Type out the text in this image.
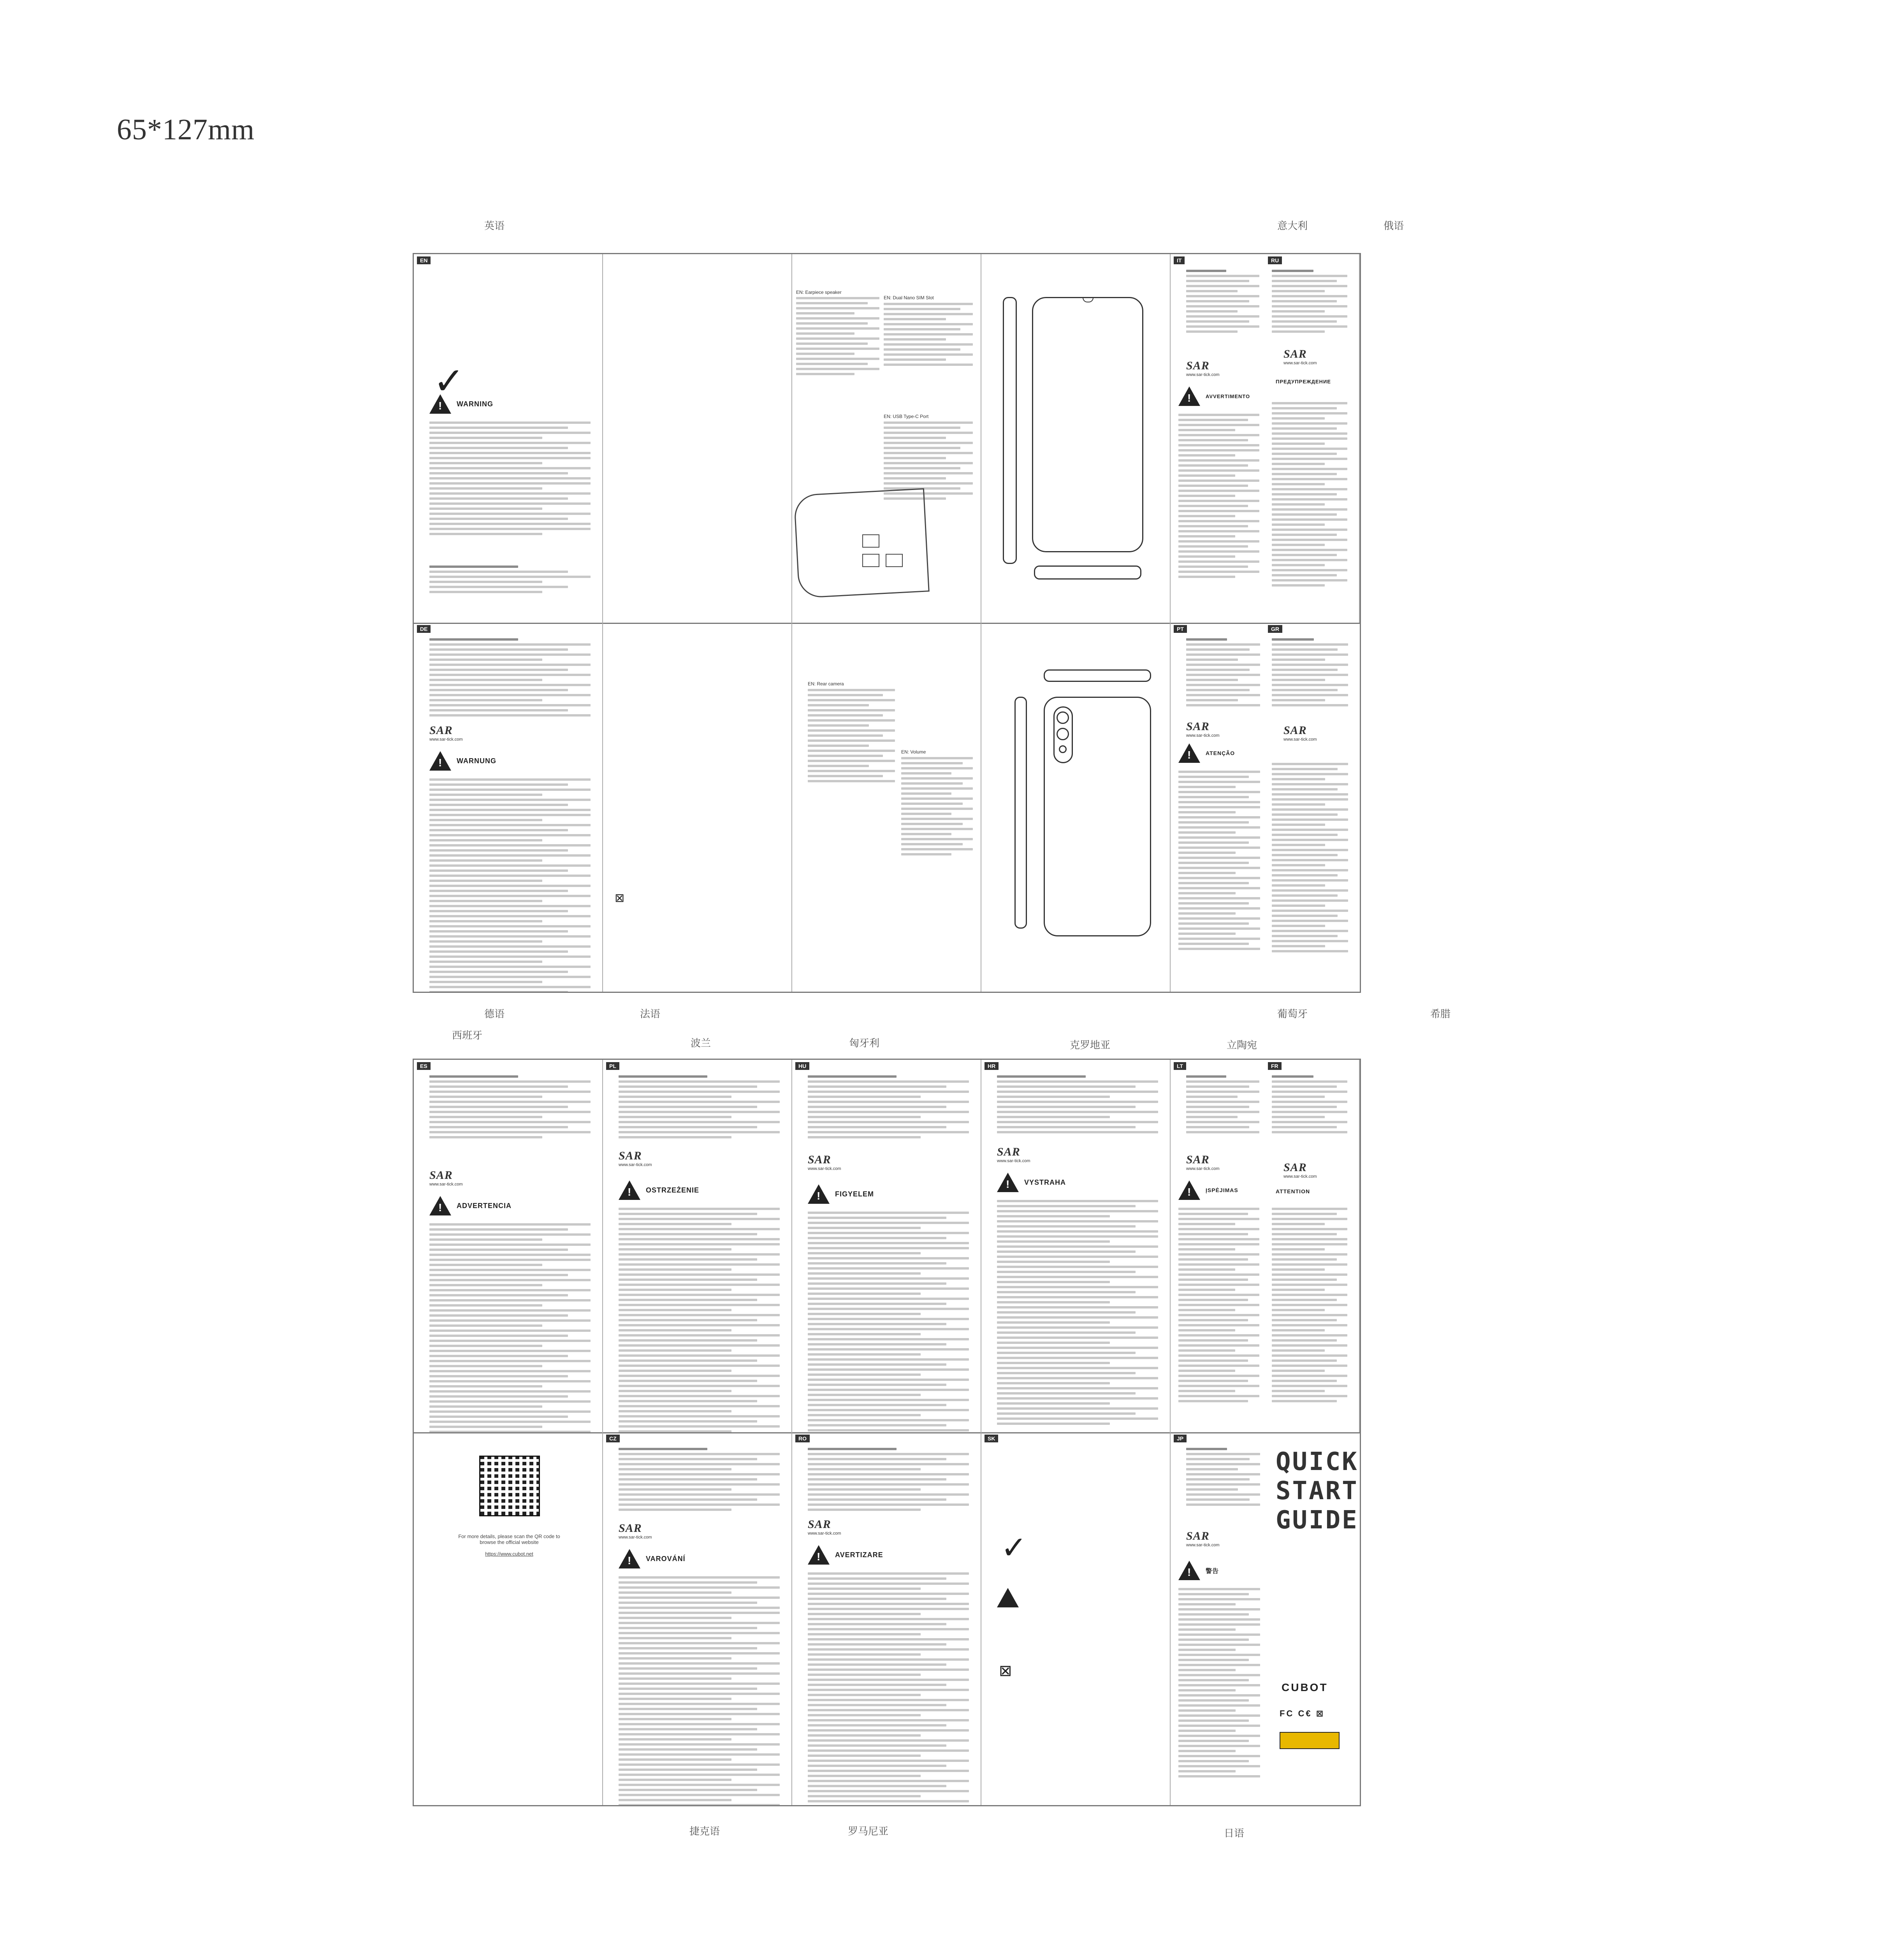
65*127mm
英语	意大利	俄语
德语	法语	葡萄牙	希腊
西班牙
波兰	匈牙利	克罗地亚	立陶宛
捷克语	罗马尼亚	日语
EN
✓
!
WARNING
EN: Earpiece speaker
EN: Dual Nano SIM Slot
EN: USB Type-C Port
IT	RU
SAR
www.sar-tick.com
SAR
www.sar-tick.com
!
AVVERTIMENTO
ПРЕДУПРЕЖДЕНИЕ
DE
SAR
www.sar-tick.com
!
WARNUNG
⊠
EN: Rear camera
EN: Volume
PT	GR
SAR
www.sar-tick.com	SAR
www.sar-tick.com
!
ATENÇÃO
ES
SAR
www.sar-tick.com
!
ADVERTENCIA
PL
SAR
www.sar-tick.com
!
OSTRZEŻENIE
HU
SAR
www.sar-tick.com
!
FIGYELEM
HR
SAR
www.sar-tick.com
!
VYSTRAHA
LT	FR
SAR
www.sar-tick.com	SAR
www.sar-tick.com
!
ĮSPĖJIMAS	ATTENTION
For more details, please scan the QR code to browse the official website
https://www.cubot.net
CZ
SAR
www.sar-tick.com
!
VAROVÁNÍ
RO
SAR
www.sar-tick.com
!
AVERTIZARE
SK
✓
⊠
JP
SAR
www.sar-tick.com
!
警告
QUICK
START
GUIDE
CUBOT
FC C€ ⊠
